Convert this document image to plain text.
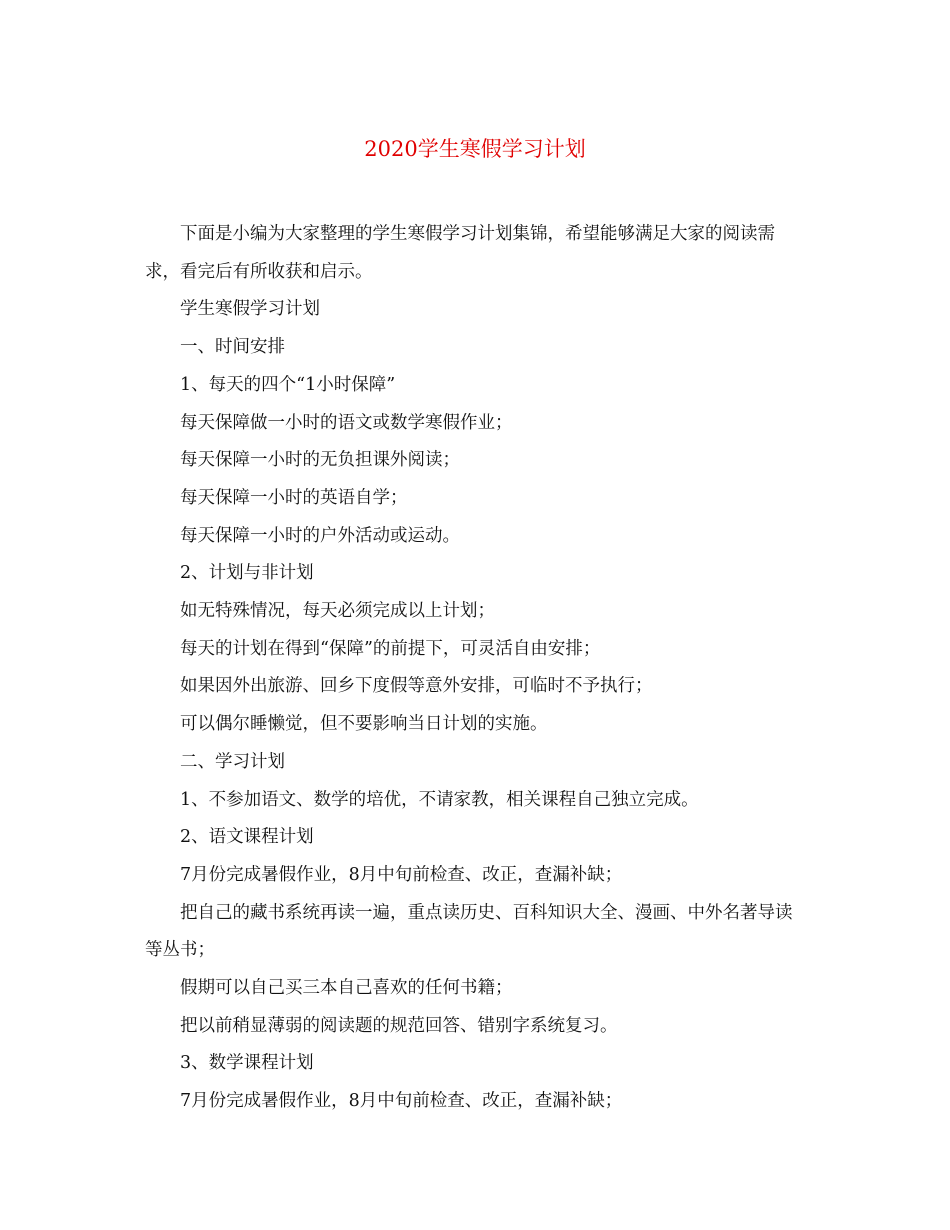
2020学生寒假学习计划

下面是小编为大家整理的学生寒假学习计划集锦，希望能够满足大家的阅读需求，看完后有所收获和启示。

学生寒假学习计划

一、时间安排

1、每天的四个“1小时保障”

每天保障做一小时的语文或数学寒假作业；

每天保障一小时的无负担课外阅读；

每天保障一小时的英语自学；

每天保障一小时的户外活动或运动。

2、计划与非计划

如无特殊情况，每天必须完成以上计划；

每天的计划在得到“保障”的前提下，可灵活自由安排；

如果因外出旅游、回乡下度假等意外安排，可临时不予执行；

可以偶尔睡懒觉，但不要影响当日计划的实施。

二、学习计划

1、不参加语文、数学的培优，不请家教，相关课程自己独立完成。

2、语文课程计划

7月份完成暑假作业，8月中旬前检查、改正，查漏补缺；

把自己的藏书系统再读一遍，重点读历史、百科知识大全、漫画、中外名著导读等丛书；

假期可以自己买三本自己喜欢的任何书籍；

把以前稍显薄弱的阅读题的规范回答、错别字系统复习。

3、数学课程计划

7月份完成暑假作业，8月中旬前检查、改正，查漏补缺；
